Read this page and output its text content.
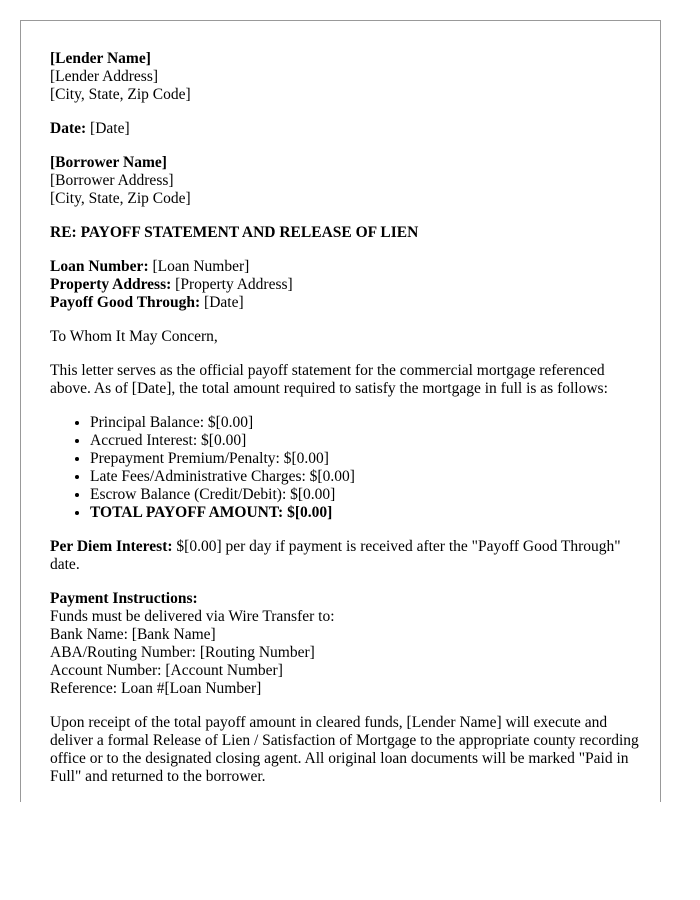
[Lender Name]
[Lender Address]
[City, State, Zip Code]
Date: [Date]
[Borrower Name]
[Borrower Address]
[City, State, Zip Code]
RE: PAYOFF STATEMENT AND RELEASE OF LIEN
Loan Number: [Loan Number]
Property Address: [Property Address]
Payoff Good Through: [Date]

To Whom It May Concern,

This letter serves as the official payoff statement for the commercial mortgage referenced above. As of [Date], the total amount required to satisfy the mortgage in full is as follows:

• Principal Balance: $[0.00]
• Accrued Interest: $[0.00]
• Prepayment Premium/Penalty: $[0.00]
• Late Fees/Administrative Charges: $[0.00]
• Escrow Balance (Credit/Debit): $[0.00]
• TOTAL PAYOFF AMOUNT: $[0.00]

Per Diem Interest: $[0.00] per day if payment is received after the "Payoff Good Through" date.

Payment Instructions:
Funds must be delivered via Wire Transfer to:
Bank Name: [Bank Name]
ABA/Routing Number: [Routing Number]
Account Number: [Account Number]
Reference: Loan #[Loan Number]

Upon receipt of the total payoff amount in cleared funds, [Lender Name] will execute and deliver a formal Release of Lien / Satisfaction of Mortgage to the appropriate county recording office or to the designated closing agent. All original loan documents will be marked "Paid in Full" and returned to the borrower.
